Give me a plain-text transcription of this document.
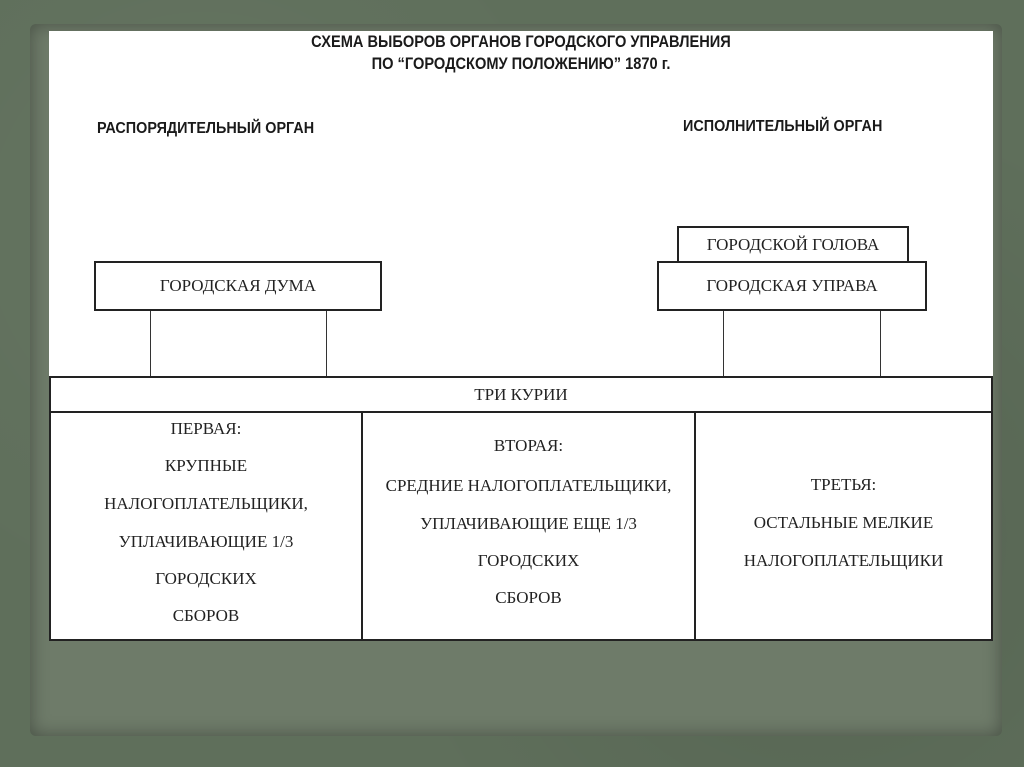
СХЕМА ВЫБОРОВ ОРГАНОВ ГОРОДСКОГО УПРАВЛЕНИЯ
ПО “ГОРОДСКОМУ ПОЛОЖЕНИЮ” 1870 г.
РАСПОРЯДИТЕЛЬНЫЙ ОРГАН	ИСПОЛНИТЕЛЬНЫЙ ОРГАН
ГОРОДСКОЙ ГОЛОВА
ГОРОДСКАЯ ДУМА	ГОРОДСКАЯ УПРАВА
ТРИ КУРИИ
ПЕРВАЯ:
КРУПНЫЕ
НАЛОГОПЛАТЕЛЬЩИКИ,
УПЛАЧИВАЮЩИЕ 1/3
ГОРОДСКИХ
СБОРОВ
ВТОРАЯ:
СРЕДНИЕ НАЛОГОПЛАТЕЛЬЩИКИ,
УПЛАЧИВАЮЩИЕ ЕЩЕ 1/3
ГОРОДСКИХ
СБОРОВ
ТРЕТЬЯ:
ОСТАЛЬНЫЕ МЕЛКИЕ
НАЛОГОПЛАТЕЛЬЩИКИ
